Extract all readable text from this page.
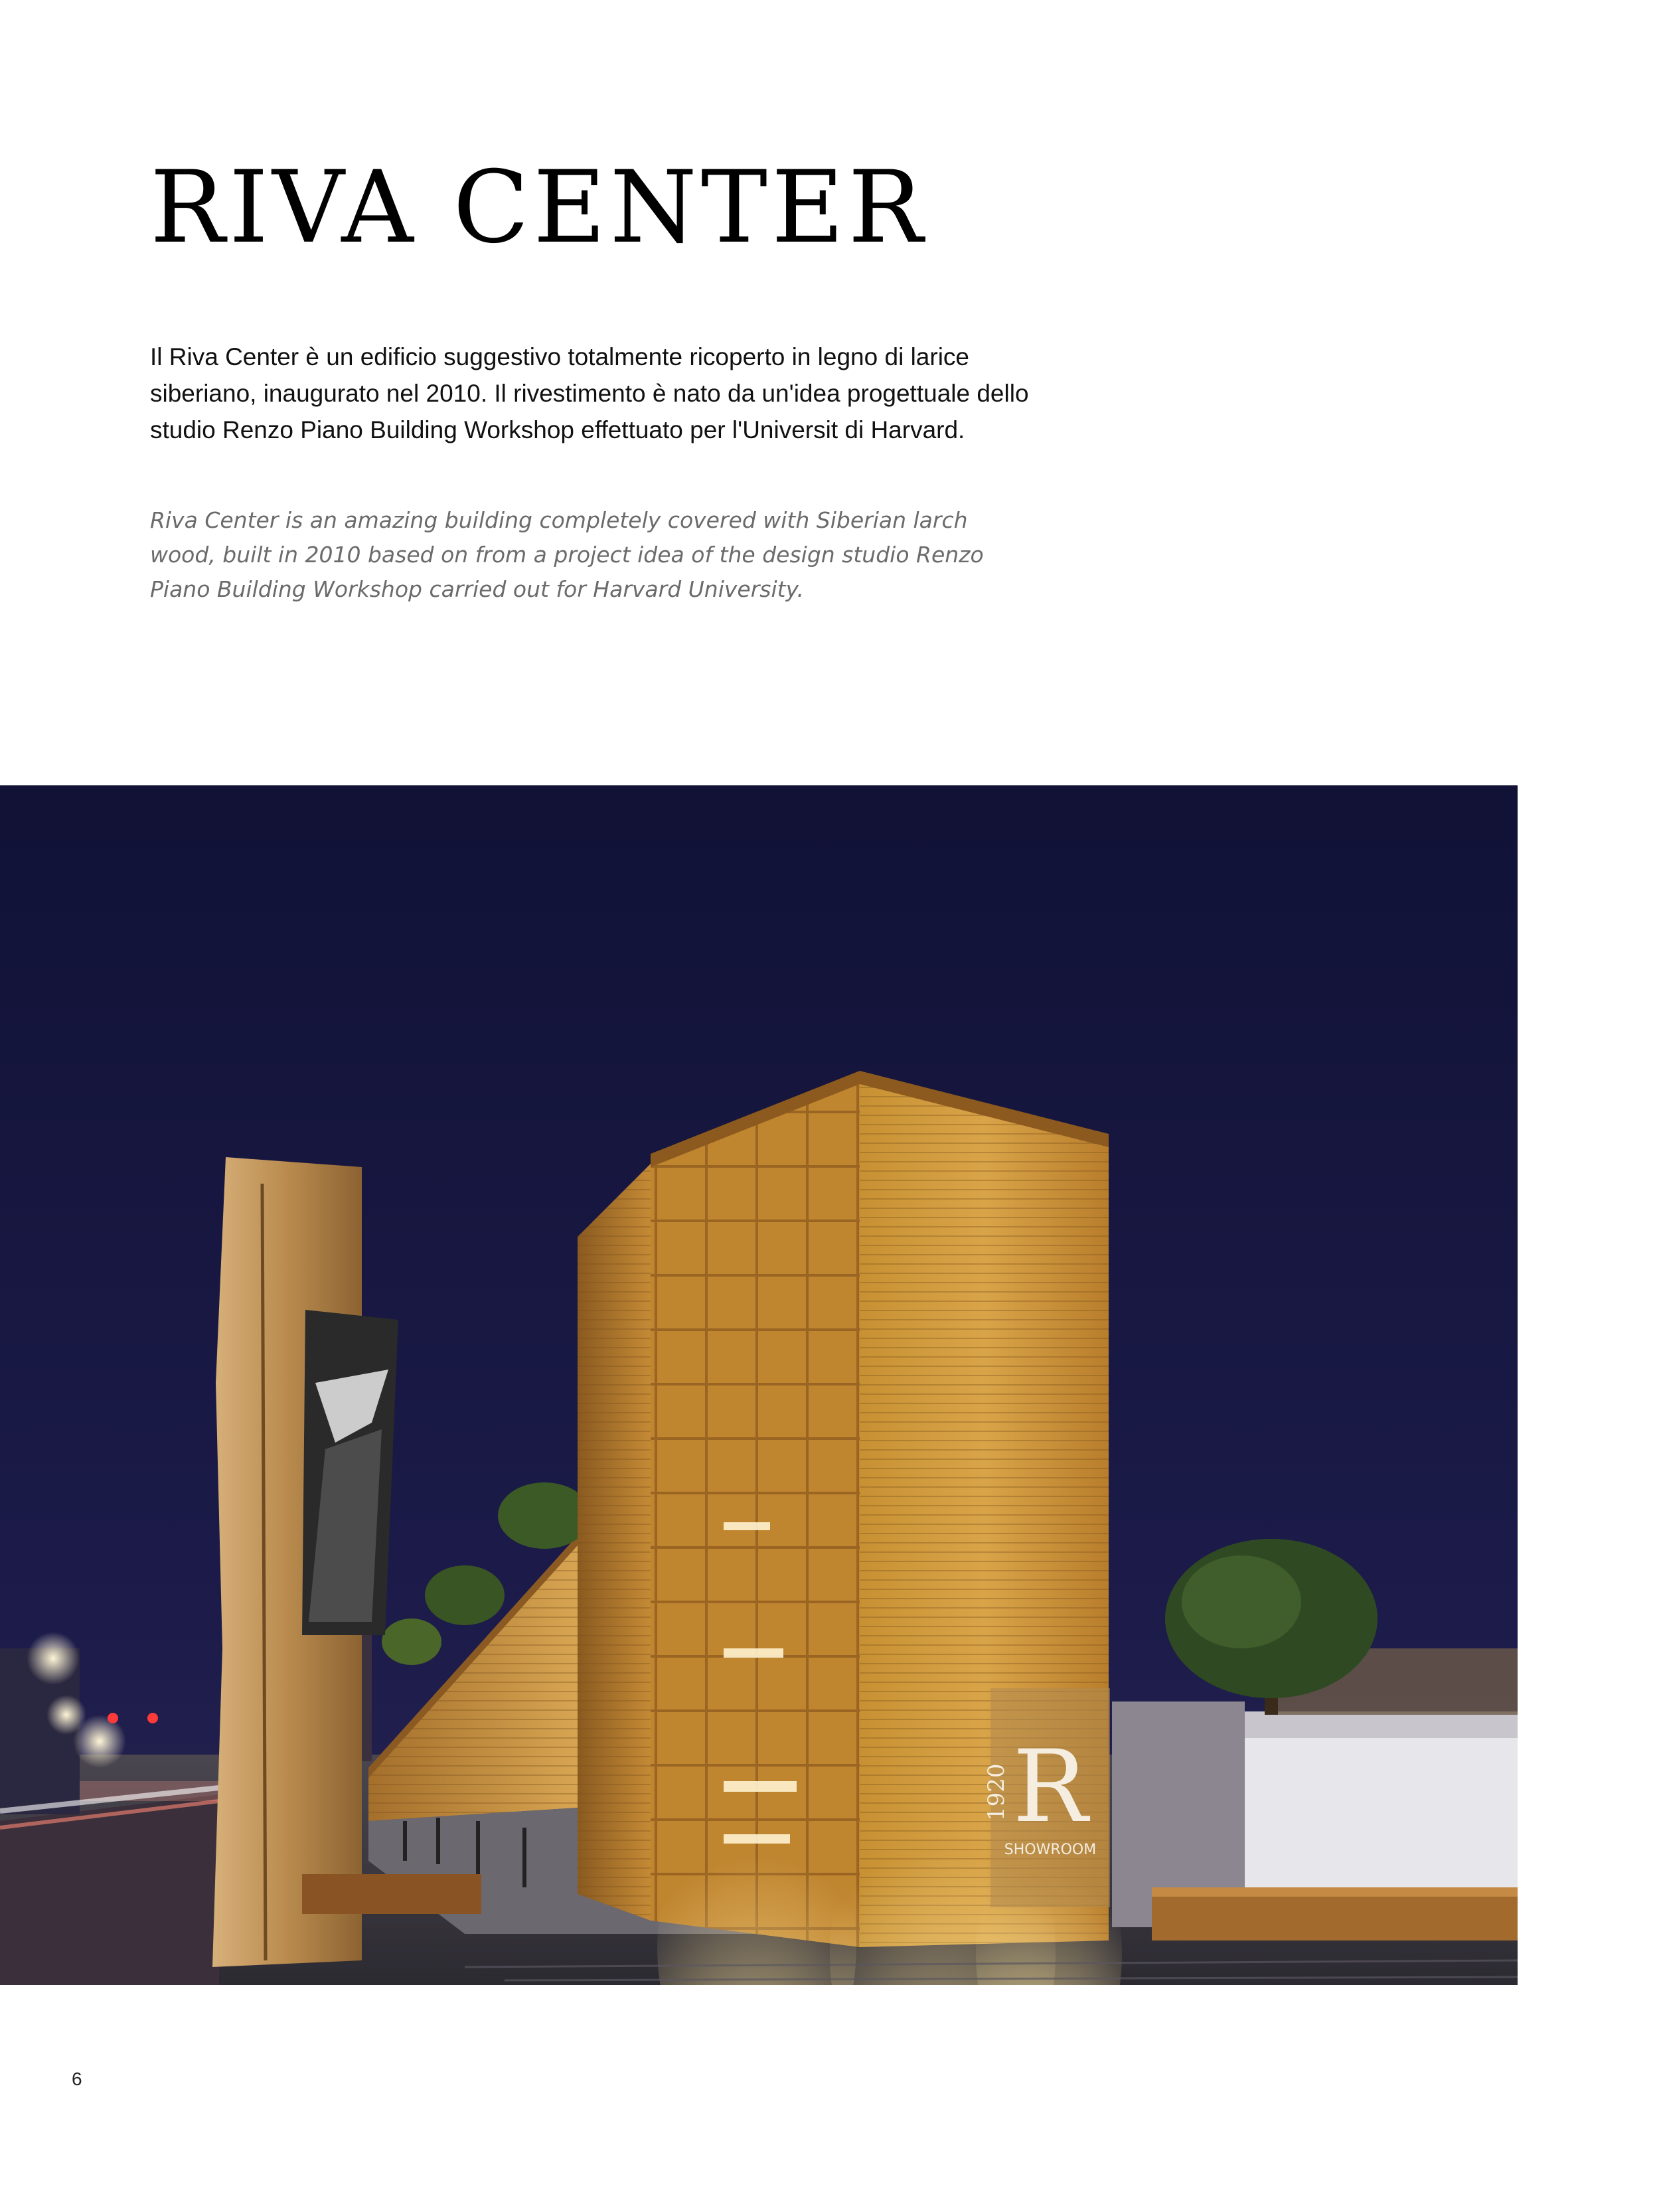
RIVA CENTER

Il Riva Center è un edificio suggestivo totalmente ricoperto in legno di larice siberiano, inaugurato nel 2010. Il rivestimento è nato da un'idea progettuale dello studio Renzo Piano Building Workshop effettuato per l'Universit di Harvard.

Riva Center is an amazing building completely covered with Siberian larch wood, built in 2010 based on from a project idea of the design studio Renzo Piano Building Workshop carried out for Harvard University.

R
1920
SHOWROOM
6
